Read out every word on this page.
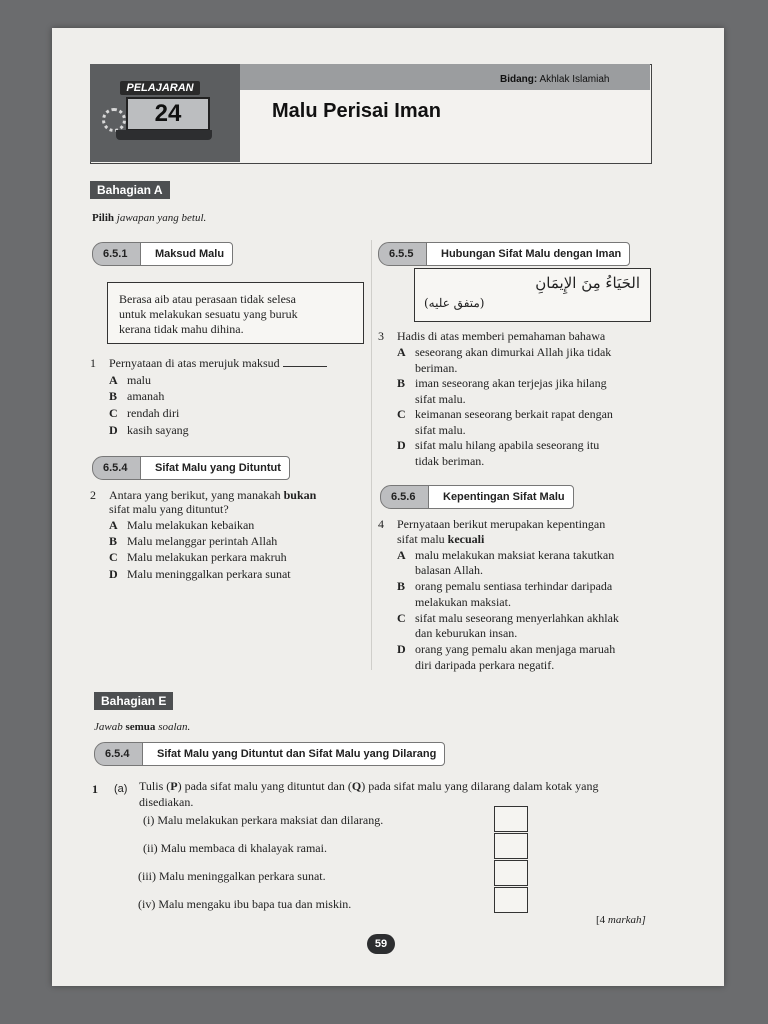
PELAJARAN
24
Bidang: Akhlak Islamiah
Malu Perisai Iman
Bahagian A
Pilih jawapan yang betul.
6.5.1	Maksud Malu
Berasa aib atau perasaan tidak selesa
untuk melakukan sesuatu yang buruk
kerana tidak mahu dihina.
1 Pernyataan di atas merujuk maksud
A malu
B amanah
C rendah diri
D kasih sayang
6.5.4	Sifat Malu yang Dituntut
2 Antara yang berikut, yang manakah bukan
sifat malu yang dituntut?
A Malu melakukan kebaikan
B Malu melanggar perintah Allah
C Malu melakukan perkara makruh
D Malu meninggalkan perkara sunat
6.5.5	Hubungan Sifat Malu dengan Iman
الحَيَاءُ مِنَ الإِيمَانِ
(متفق عليه)
3 Hadis di atas memberi pemahaman bahawa
A seseorang akan dimurkai Allah jika tidak
beriman.
B iman seseorang akan terjejas jika hilang
sifat malu.
C keimanan seseorang berkait rapat dengan
sifat malu.
D sifat malu hilang apabila seseorang itu
tidak beriman.
6.5.6	Kepentingan Sifat Malu
4 Pernyataan berikut merupakan kepentingan
sifat malu kecuali
A malu melakukan maksiat kerana takutkan
balasan Allah.
B orang pemalu sentiasa terhindar daripada
melakukan maksiat.
C sifat malu seseorang menyerlahkan akhlak
dan keburukan insan.
D orang yang pemalu akan menjaga maruah
diri daripada perkara negatif.
Bahagian E
Jawab semua soalan.
6.5.4	Sifat Malu yang Dituntut dan Sifat Malu yang Dilarang
1 (a) Tulis (P) pada sifat malu yang dituntut dan (Q) pada sifat malu yang dilarang dalam kotak yang
disediakan.
(i) Malu melakukan perkara maksiat dan dilarang.
(ii) Malu membaca di khalayak ramai.
(iii) Malu meninggalkan perkara sunat.
(iv) Malu mengaku ibu bapa tua dan miskin.
[4 markah]
59
